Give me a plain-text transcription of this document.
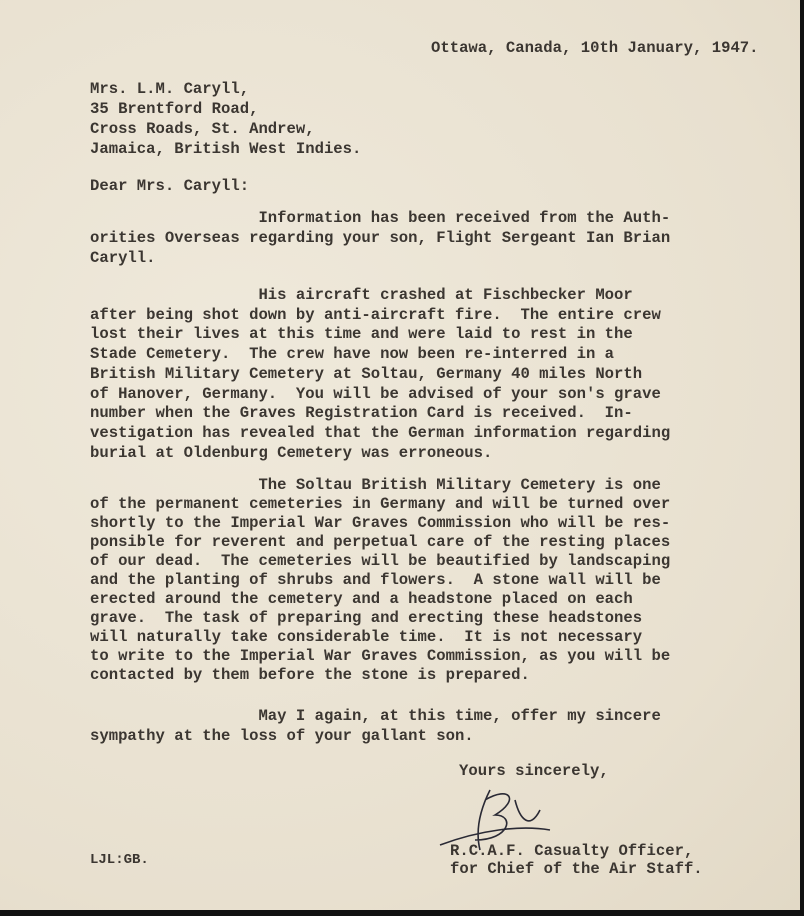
Ottawa, Canada, 10th January, 1947.
Mrs. L.M. Caryll,
35 Brentford Road,
Cross Roads, St. Andrew,
Jamaica, British West Indies.
Dear Mrs. Caryll:
Information has been received from the Auth-
orities Overseas regarding your son, Flight Sergeant Ian Brian
Caryll.
His aircraft crashed at Fischbecker Moor
after being shot down by anti-aircraft fire.  The entire crew
lost their lives at this time and were laid to rest in the
Stade Cemetery.  The crew have now been re-interred in a
British Military Cemetery at Soltau, Germany 40 miles North
of Hanover, Germany.  You will be advised of your son's grave
number when the Graves Registration Card is received.  In-
vestigation has revealed that the German information regarding
burial at Oldenburg Cemetery was erroneous.
The Soltau British Military Cemetery is one
of the permanent cemeteries in Germany and will be turned over
shortly to the Imperial War Graves Commission who will be res-
ponsible for reverent and perpetual care of the resting places
of our dead.  The cemeteries will be beautified by landscaping
and the planting of shrubs and flowers.  A stone wall will be
erected around the cemetery and a headstone placed on each
grave.  The task of preparing and erecting these headstones
will naturally take considerable time.  It is not necessary
to write to the Imperial War Graves Commission, as you will be
contacted by them before the stone is prepared.
May I again, at this time, offer my sincere
sympathy at the loss of your gallant son.
Yours sincerely,
R.C.A.F. Casualty Officer,
for Chief of the Air Staff.
LJL:GB.
